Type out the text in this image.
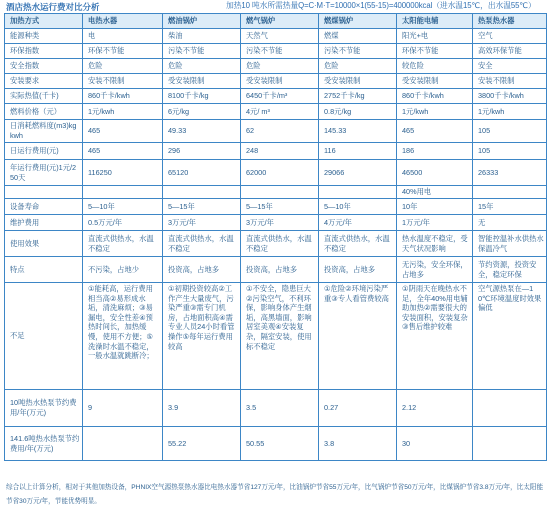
酒店热水运行费对比分析	加热10 吨水所需热量Q=C·M·T=10000×1(55-15)=400000kcal（进水温15℃，出水温55℃）
加热方式	电热水器	燃油锅炉	燃气锅炉	燃煤锅炉	太阳能电辅	热泵热水器
能源种类	电	柴油	天然气	燃煤	阳光+电	空气
环保指数	环保不节能	污染不节能	污染不节能	污染不节能	环保不节能	高效环保节能
安全指数	危险	危险	危险	危险	较危险	安全
安装要求	安装不限制	受安装限制	受安装限制	受安装限制	受安装限制	安装不限制
实际热值(千卡)	860千卡/kwh	8100千卡/kg	6450千卡/m³	2752千卡/kg	860千卡/kwh	3800千卡/kwh
燃料价格（元）	1元/kwh	6元/kg	4元/ m³	0.8元/kg	1元/kwh	1元/kwh
日消耗燃料度(m3)kg kwh	465	49.33	62	145.33	465	105
日运行费用(元)	465	296	248	116	186	105
年运行费用(元)1元/250天	116250	65120	62000	29066	46500	26333
					40%用电	
设备寿命	5—10年	5—15年	5—15年	5—10年	10年	15年
维护费用	0.5万元/年	3万元/年	3万元/年	4万元/年	1万元/年	无
使用效果	直流式供热水，水温不稳定	直流式供热水，水温不稳定	直流式供热水，水温不稳定	直流式供热水，水温不稳定	热水温度不稳定，受天气状况影响	智能控温补水供热水保温冷气
特点	不污染，占地少	投资高，占地多	投资高，占地多	投资高，占地多	无污染，安全环保，占地多	节约资源，投资安全，稳定环保
不足	①能耗高，运行费用相当高②易形成水垢，清洗麻烦；③易漏电，安全性差④预热时间长，加热缓慢，使用不方便；⑤洗澡时水温不稳定，一般水温就跳断冷；	①初期投资较高②工作产生大量废气，污染严重③需专门机房，占地面积高④需专业人员24小时看管操作⑤每年运行费用较高	①不安全，隐患巨大②污染空气，不利环保，影响身体产生烟垢，高黑墙面，影响居室美观④安装复杂，隔室安装，使用标不稳定	①危险②环境污染严重③专人看管费较高	①阴雨天在晚热水不足，全年40%用电辅助加热②需要很大的安装面积，安装复杂③售后维护较难	空气源热泵在—10℃环境温度时效果偏低
10吨热水热泵节约费用/年(万元)	9	3.9	3.5	0.27	2.12	
141.6吨热水热泵节约费用/年(万元)		55.22	50.55	3.8	30	
综合以上计算分析，相对于其他加热设备，PHNIX空气源热泵热水器比电热水器节省127万元/年，比油锅炉节省55万元/年，比气锅炉节省50万元/年，比煤锅炉节省3.8万元/年，比太阳能节省30万元/年，节能优势明显。
